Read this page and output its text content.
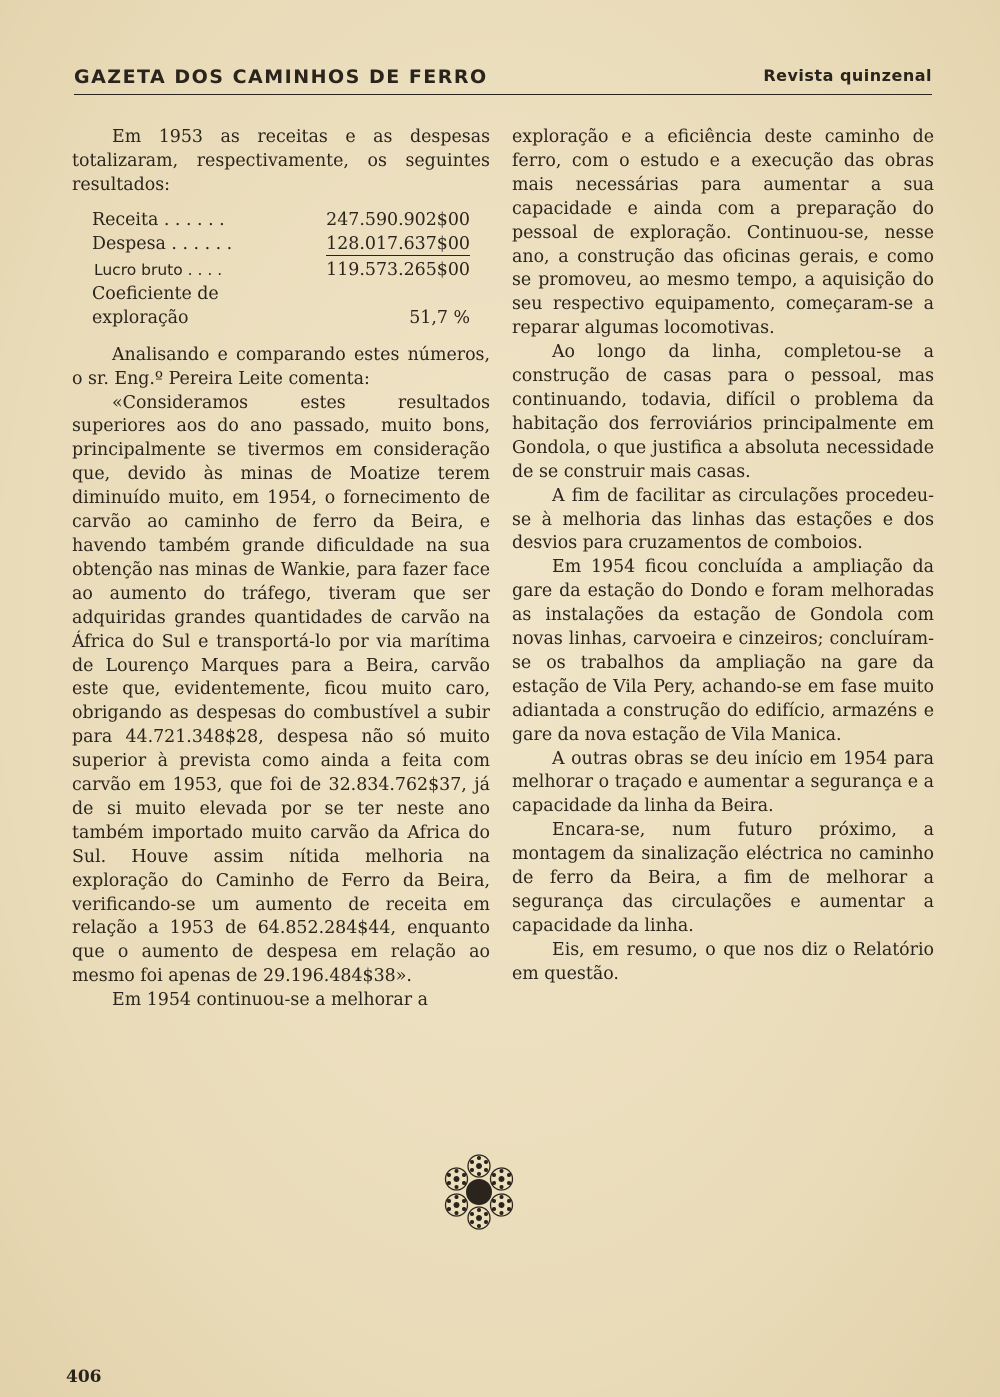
GAZETA DOS CAMINHOS DE FERRO	Revista quinzenal

Em 1953 as receitas e as despesas totalizaram, respectivamente, os seguintes resultados:

Receita . . . . . .	247.590.902$00
Despesa . . . . . .	128.017.637$00
Lucro bruto . . . .	119.573.265$00
Coeficiente de exploração	51,7 %

Analisando e comparando estes números, o sr. Eng.º Pereira Leite comenta:

«Consideramos estes resultados superiores aos do ano passado, muito bons, principalmente se tivermos em consideração que, devido às minas de Moatize terem diminuído muito, em 1954, o fornecimento de carvão ao caminho de ferro da Beira, e havendo também grande dificuldade na sua obtenção nas minas de Wankie, para fazer face ao aumento do tráfego, tiveram que ser adquiridas grandes quantidades de carvão na África do Sul e transportá-lo por via marítima de Lourenço Marques para a Beira, carvão este que, evidentemente, ficou muito caro, obrigando as despesas do combustível a subir para 44.721.348$28, despesa não só muito superior à prevista como ainda a feita com carvão em 1953, que foi de 32.834.762$37, já de si muito elevada por se ter neste ano também importado muito carvão da Africa do Sul. Houve assim nítida melhoria na exploração do Caminho de Ferro da Beira, verificando-se um aumento de receita em relação a 1953 de 64.852.284$44, enquanto que o aumento de despesa em relação ao mesmo foi apenas de 29.196.484$38».

Em 1954 continuou-se a melhorar a

exploração e a eficiência deste caminho de ferro, com o estudo e a execução das obras mais necessárias para aumentar a sua capacidade e ainda com a preparação do pessoal de exploração. Continuou-se, nesse ano, a construção das oficinas gerais, e como se promoveu, ao mesmo tempo, a aquisição do seu respectivo equipamento, começaram-se a reparar algumas locomotivas.

Ao longo da linha, completou-se a construção de casas para o pessoal, mas continuando, todavia, difícil o problema da habitação dos ferroviários principalmente em Gondola, o que justifica a absoluta necessidade de se construir mais casas.

A fim de facilitar as circulações procedeu-se à melhoria das linhas das estações e dos desvios para cruzamentos de comboios.

Em 1954 ficou concluída a ampliação da gare da estação do Dondo e foram melhoradas as instalações da estação de Gondola com novas linhas, carvoeira e cinzeiros; concluíram-se os trabalhos da ampliação na gare da estação de Vila Pery, achando-se em fase muito adiantada a construção do edifício, armazéns e gare da nova estação de Vila Manica.

A outras obras se deu início em 1954 para melhorar o traçado e aumentar a segurança e a capacidade da linha da Beira.

Encara-se, num futuro próximo, a montagem da sinalização eléctrica no caminho de ferro da Beira, a fim de melhorar a segurança das circulações e aumentar a capacidade da linha.

Eis, em resumo, o que nos diz o Relatório em questão.

406
